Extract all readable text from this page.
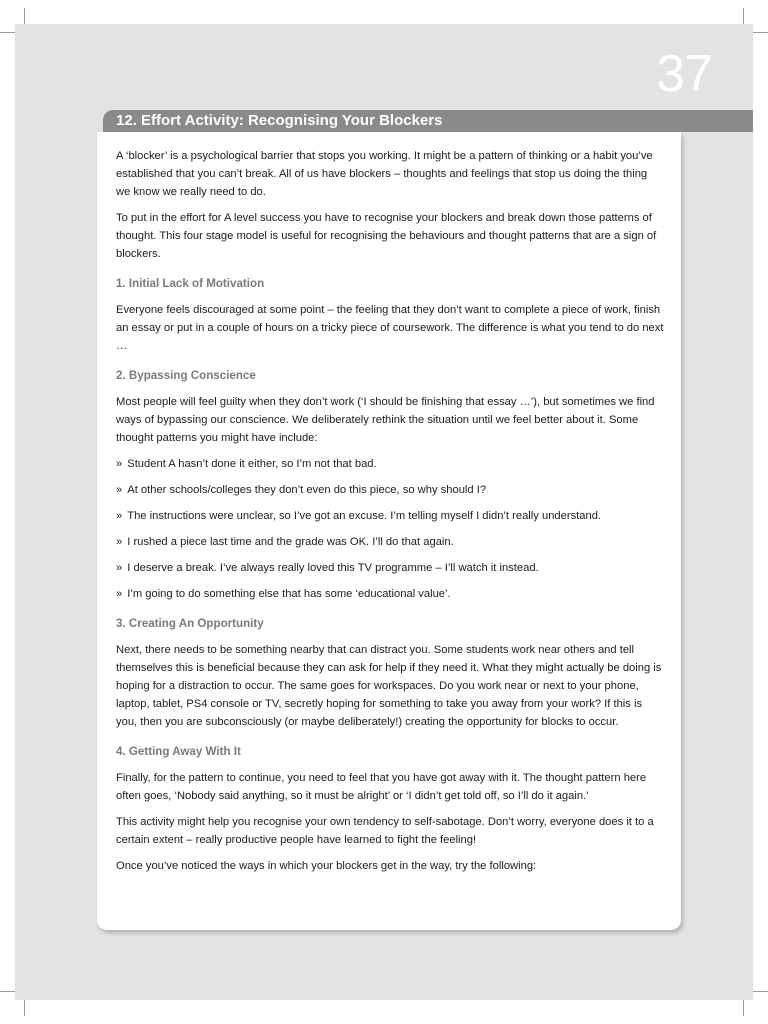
37
12. Effort Activity: Recognising Your Blockers

A ‘blocker’ is a psychological barrier that stops you working. It might be a pattern of thinking or a habit you’ve established that you can’t break. All of us have blockers – thoughts and feelings that stop us doing the thing we know we really need to do.

To put in the effort for A level success you have to recognise your blockers and break down those patterns of thought. This four stage model is useful for recognising the behaviours and thought patterns that are a sign of blockers.

1. Initial Lack of Motivation

Everyone feels discouraged at some point – the feeling that they don’t want to complete a piece of work, finish an essay or put in a couple of hours on a tricky piece of coursework. The difference is what you tend to do next …

2. Bypassing Conscience

Most people will feel guilty when they don’t work (‘I should be finishing that essay …’), but sometimes we find ways of bypassing our conscience. We deliberately rethink the situation until we feel better about it. Some thought patterns you might have include:

» Student A hasn’t done it either, so I’m not that bad.
» At other schools/colleges they don’t even do this piece, so why should I?
» The instructions were unclear, so I’ve got an excuse. I’m telling myself I didn’t really understand.
» I rushed a piece last time and the grade was OK. I’ll do that again.
» I deserve a break. I’ve always really loved this TV programme – I’ll watch it instead.
» I’m going to do something else that has some ‘educational value’.
3. Creating An Opportunity

Next, there needs to be something nearby that can distract you. Some students work near others and tell themselves this is beneficial because they can ask for help if they need it. What they might actually be doing is hoping for a distraction to occur. The same goes for workspaces. Do you work near or next to your phone, laptop, tablet, PS4 console or TV, secretly hoping for something to take you away from your work? If this is you, then you are subconsciously (or maybe deliberately!) creating the opportunity for blocks to occur.

4. Getting Away With It

Finally, for the pattern to continue, you need to feel that you have got away with it. The thought pattern here often goes, ‘Nobody said anything, so it must be alright’ or ‘I didn’t get told off, so I’ll do it again.’

This activity might help you recognise your own tendency to self-sabotage. Don’t worry, everyone does it to a certain extent – really productive people have learned to fight the feeling!

Once you’ve noticed the ways in which your blockers get in the way, try the following:
